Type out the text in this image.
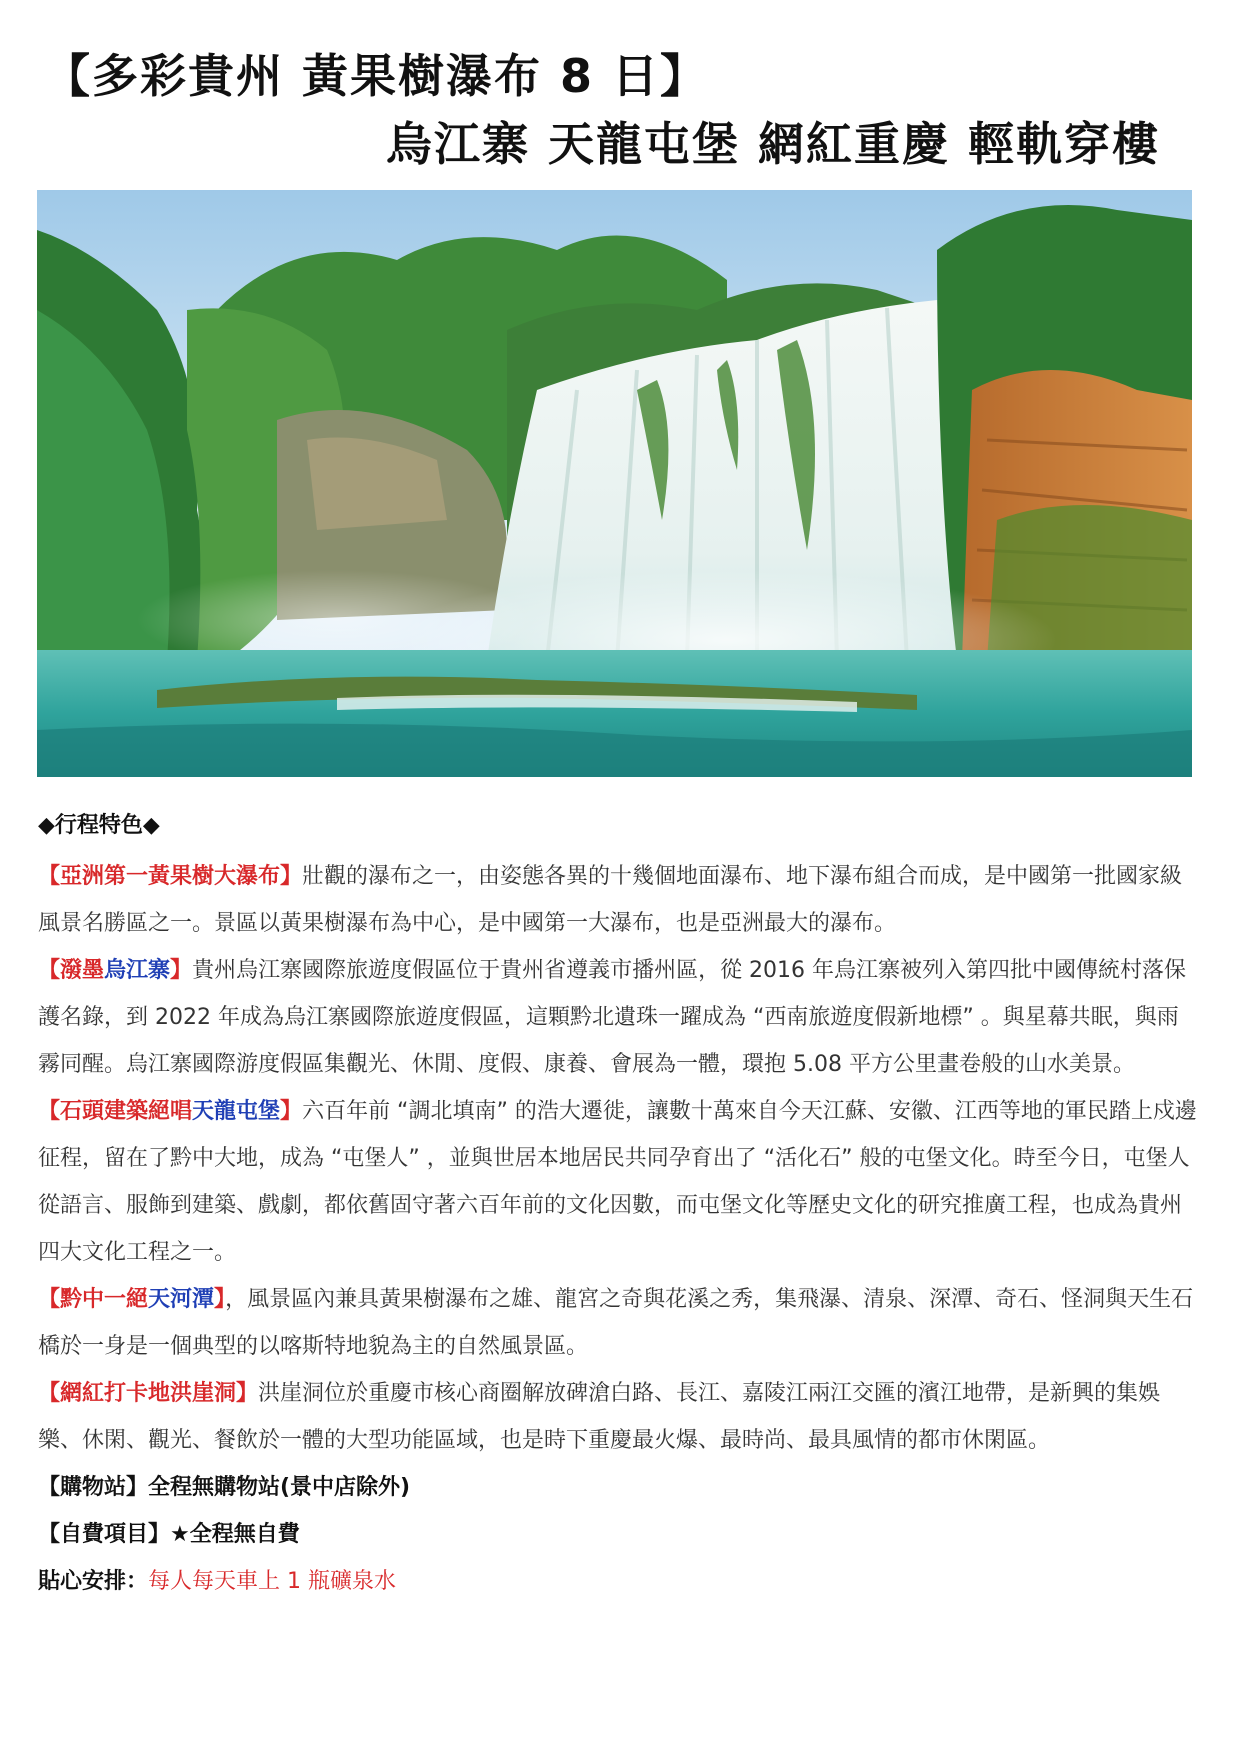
【多彩貴州 黃果樹瀑布 8 日】
烏江寨 天龍屯堡 網紅重慶 輕軌穿樓
◆行程特色◆

【亞洲第一黃果樹大瀑布】壯觀的瀑布之一，由姿態各異的十幾個地面瀑布、地下瀑布組合而成，是中國第一批國家級風景名勝區之一。景區以黃果樹瀑布為中心，是中國第一大瀑布，也是亞洲最大的瀑布。

【潑墨烏江寨】貴州烏江寨國際旅遊度假區位于貴州省遵義市播州區，從 2016 年烏江寨被列入第四批中國傳統村落保護名錄，到 2022 年成為烏江寨國際旅遊度假區，這顆黔北遺珠一躍成為 “西南旅遊度假新地標” 。與星幕共眠，與雨霧同醒。烏江寨國際游度假區集觀光、休閒、度假、康養、會展為一體，環抱 5.08 平方公里畫卷般的山水美景。

【石頭建築絕唱天龍屯堡】六百年前 “調北填南” 的浩大遷徙，讓數十萬來自今天江蘇、安徽、江西等地的軍民踏上戍邊征程，留在了黔中大地，成為 “屯堡人” ，並與世居本地居民共同孕育出了 “活化石” 般的屯堡文化。時至今日，屯堡人從語言、服飾到建築、戲劇，都依舊固守著六百年前的文化因數，而屯堡文化等歷史文化的研究推廣工程，也成為貴州四大文化工程之一。

【黔中一絕天河潭】，風景區內兼具黃果樹瀑布之雄、龍宮之奇與花溪之秀，集飛瀑、清泉、深潭、奇石、怪洞與天生石橋於一身是一個典型的以喀斯特地貌為主的自然風景區。

【網紅打卡地洪崖洞】洪崖洞位於重慶市核心商圈解放碑滄白路、長江、嘉陵江兩江交匯的濱江地帶，是新興的集娛樂、休閑、觀光、餐飲於一體的大型功能區域，也是時下重慶最火爆、最時尚、最具風情的都市休閑區。

【購物站】全程無購物站(景中店除外)

【自費項目】★全程無自費

貼心安排：每人每天車上 1 瓶礦泉水
